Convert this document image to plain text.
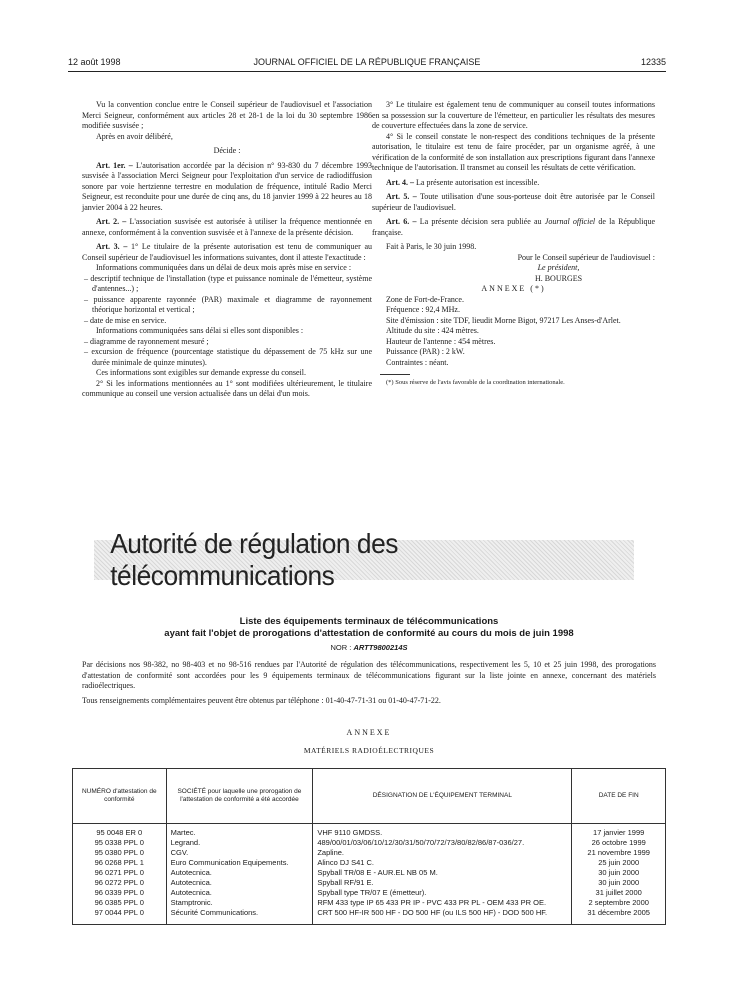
12 août 1998	JOURNAL OFFICIEL DE LA RÉPUBLIQUE FRANÇAISE	12335

Vu la convention conclue entre le Conseil supérieur de l'audiovisuel et l'association Merci Seigneur, conformément aux articles 28 et 28-1 de la loi du 30 septembre 1986 modifiée susvisée ;

Après en avoir délibéré,

Décide :

Art. 1er. – L'autorisation accordée par la décision n° 93-830 du 7 décembre 1993 susvisée à l'association Merci Seigneur pour l'exploitation d'un service de radiodiffusion sonore par voie hertzienne terrestre en modulation de fréquence, intitulé Radio Merci Seigneur, est reconduite pour une durée de cinq ans, du 18 janvier 1999 à 22 heures au 18 janvier 2004 à 22 heures.

Art. 2. – L'association susvisée est autorisée à utiliser la fréquence mentionnée en annexe, conformément à la convention susvisée et à l'annexe de la présente décision.

Art. 3. – 1° Le titulaire de la présente autorisation est tenu de communiquer au Conseil supérieur de l'audiovisuel les informations suivantes, dont il atteste l'exactitude :

Informations communiquées dans un délai de deux mois après mise en service :

– descriptif technique de l'installation (type et puissance nominale de l'émetteur, système d'antennes...) ;

– puissance apparente rayonnée (PAR) maximale et diagramme de rayonnement théorique horizontal et vertical ;

– date de mise en service.

Informations communiquées sans délai si elles sont disponibles :

– diagramme de rayonnement mesuré ;

– excursion de fréquence (pourcentage statistique du dépassement de 75 kHz sur une durée minimale de quinze minutes).

Ces informations sont exigibles sur demande expresse du conseil.

2° Si les informations mentionnées au 1° sont modifiées ultérieurement, le titulaire communique au conseil une version actualisée dans un délai d'un mois.

3° Le titulaire est également tenu de communiquer au conseil toutes informations en sa possession sur la couverture de l'émetteur, en particulier les résultats des mesures de couverture effectuées dans la zone de service.

4° Si le conseil constate le non-respect des conditions techniques de la présente autorisation, le titulaire est tenu de faire procéder, par un organisme agréé, à une vérification de la conformité de son installation aux prescriptions figurant dans l'annexe technique de l'autorisation. Il transmet au conseil les résultats de cette vérification.

Art. 4. – La présente autorisation est incessible.

Art. 5. – Toute utilisation d'une sous-porteuse doit être autorisée par le Conseil supérieur de l'audiovisuel.

Art. 6. – La présente décision sera publiée au Journal officiel de la République française.

Fait à Paris, le 30 juin 1998.

Pour le Conseil supérieur de l'audiovisuel :

Le président,

H. BOURGES

ANNEXE (*)

Zone de Fort-de-France.

Fréquence : 92,4 MHz.

Site d'émission : site TDF, lieudit Morne Bigot, 97217 Les Anses-d'Arlet.

Altitude du site : 424 mètres.

Hauteur de l'antenne : 454 mètres.

Puissance (PAR) : 2 kW.

Contraintes : néant.

(*) Sous réserve de l'avis favorable de la coordination internationale.

Autorité de régulation des télécommunications
Liste des équipements terminaux de télécommunications
ayant fait l'objet de prorogations d'attestation de conformité au cours du mois de juin 1998
NOR : ARTT9800214S

Par décisions nos 98-382, no 98-403 et no 98-516 rendues par l'Autorité de régulation des télécommunications, respectivement les 5, 10 et 25 juin 1998, des prorogations d'attestation de conformité sont accordées pour les 9 équipements terminaux de télécommunications figurant sur la liste jointe en annexe, concernant des matériels radioélectriques.

Tous renseignements complémentaires peuvent être obtenus par téléphone : 01-40-47-71-31 ou 01-40-47-71-22.

ANNEXE
MATÉRIELS RADIOÉLECTRIQUES
NUMÉRO d'attestation de conformité	SOCIÉTÉ pour laquelle une prorogation de l'attestation de conformité a été accordée	DÉSIGNATION DE L'ÉQUIPEMENT TERMINAL	DATE DE FIN
95 0048 ER 0	Martec.	VHF 9110 GMDSS.	17 janvier 1999
95 0338 PPL 0	Legrand.	489/00/01/03/06/10/12/30/31/50/70/72/73/80/82/86/87-036/27.	26 octobre 1999
95 0380 PPL 0	CGV.	Zapline.	21 novembre 1999
96 0268 PPL 1	Euro Communication Equipements.	Alinco DJ S41 C.	25 juin 2000
96 0271 PPL 0	Autotecnica.	Spyball TR/08 E - AUR.EL NB 05 M.	30 juin 2000
96 0272 PPL 0	Autotecnica.	Spyball RF/91 E.	30 juin 2000
96 0339 PPL 0	Autotecnica.	Spyball type TR/07 E (émetteur).	31 juillet 2000
96 0385 PPL 0	Stamptronic.	RFM 433 type IP 65 433 PR IP - PVC 433 PR PL - OEM 433 PR OE.	2 septembre 2000
97 0044 PPL 0	Sécurité Communications.	CRT 500 HF-IR 500 HF - DO 500 HF (ou ILS 500 HF) - DOD 500 HF.	31 décembre 2005
